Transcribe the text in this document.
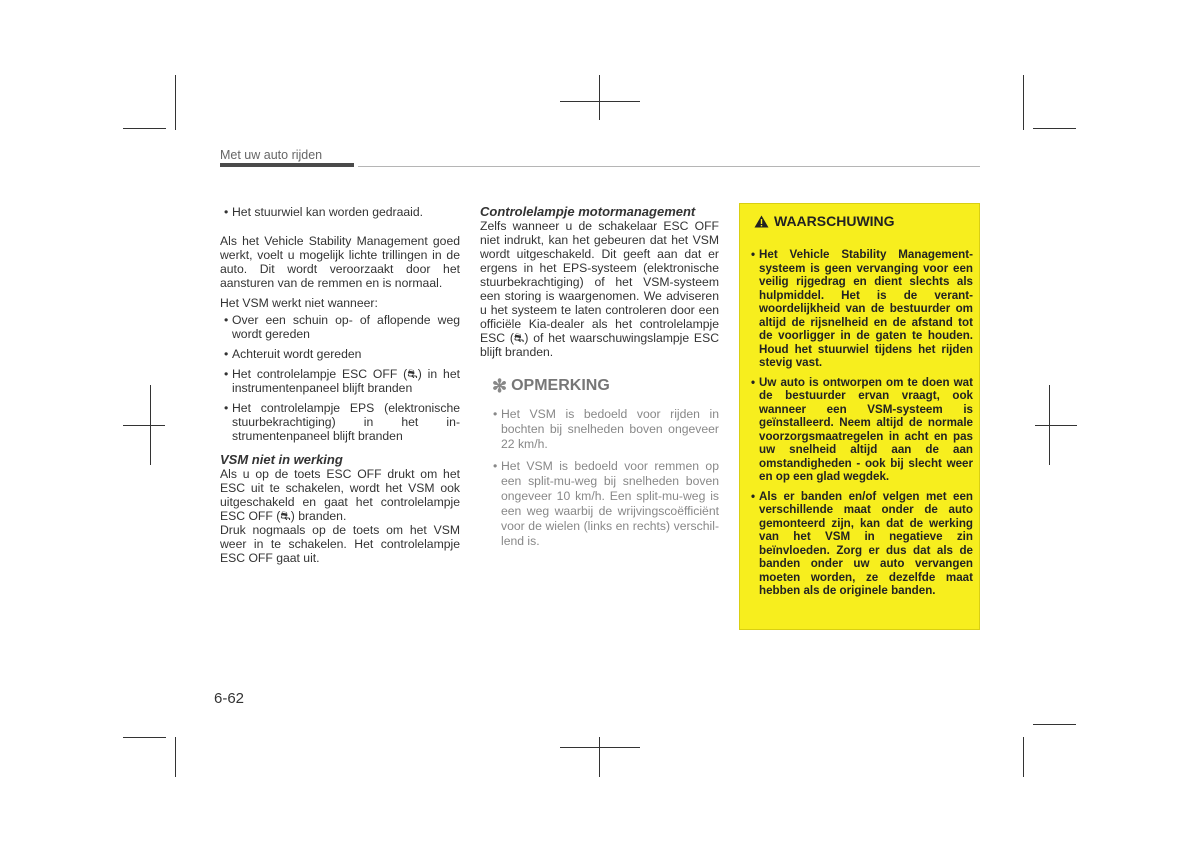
Met uw auto rijden
• Het stuurwiel kan worden gedraaid.

Als het Vehicle Stability Management goed werkt, voelt u mogelijk lichte trillingen in de auto. Dit wordt veroorzaakt door het aansturen van de remmen en is normaal.

Het VSM werkt niet wanneer:

• Over een schuin op- of aflopende weg wordt gereden
• Achteruit wordt gereden
• Het controlelampje ESC OFF (⛐) in het instrumentenpaneel blijft branden
• Het controlelampje EPS (elektronische stuurbekrachtiging) in het instrumentenpaneel blijft branden

VSM niet in werking

Als u op de toets ESC OFF drukt om het ESC uit te schakelen, wordt het VSM ook uitgeschakeld en gaat het controlelampje ESC OFF (⛐) branden.

Druk nogmaals op de toets om het VSM weer in te schakelen. Het controlelampje ESC OFF gaat uit.

Controlelampje motormanagement

Zelfs wanneer u de schakelaar ESC OFF niet indrukt, kan het gebeuren dat het VSM wordt uitgeschakeld. Dit geeft aan dat er ergens in het EPS-systeem (elektronische stuurbekrachtiging) of het VSM-systeem een storing is waargenomen. We adviseren u het systeem te laten controleren door een officiële Kia-dealer als het controlelampje ESC (⛐) of het waarschuwingslampje ESC blijft branden.

✻ OPMERKING
• Het VSM is bedoeld voor rijden in bochten bij snelheden boven ongeveer 22 km/h.
• Het VSM is bedoeld voor remmen op een split-mu-weg bij snelheden boven ongeveer 10 km/h. Een split-mu-weg is een weg waarbij de wrijvingscoëfficiënt voor de wielen (links en rechts) verschillend is.
WAARSCHUWING
• Het Vehicle Stability Managementsysteem is geen vervanging voor een veilig rijgedrag en dient slechts als hulpmiddel. Het is de verantwoordelijkheid van de bestuurder om altijd de rijsnelheid en de afstand tot de voorligger in de gaten te houden. Houd het stuurwiel tijdens het rijden stevig vast.
• Uw auto is ontworpen om te doen wat de bestuurder ervan vraagt, ook wanneer een VSM-systeem is geïnstalleerd. Neem altijd de normale voorzorgsmaatregelen in acht en pas uw snelheid altijd aan de aan omstandigheden - ook bij slecht weer en op een glad wegdek.
• Als er banden en/of velgen met een verschillende maat onder de auto gemonteerd zijn, kan dat de werking van het VSM in negatieve zin beïnvloeden. Zorg er dus dat als de banden onder uw auto vervangen moeten worden, ze dezelfde maat hebben als de originele banden.
6-62
